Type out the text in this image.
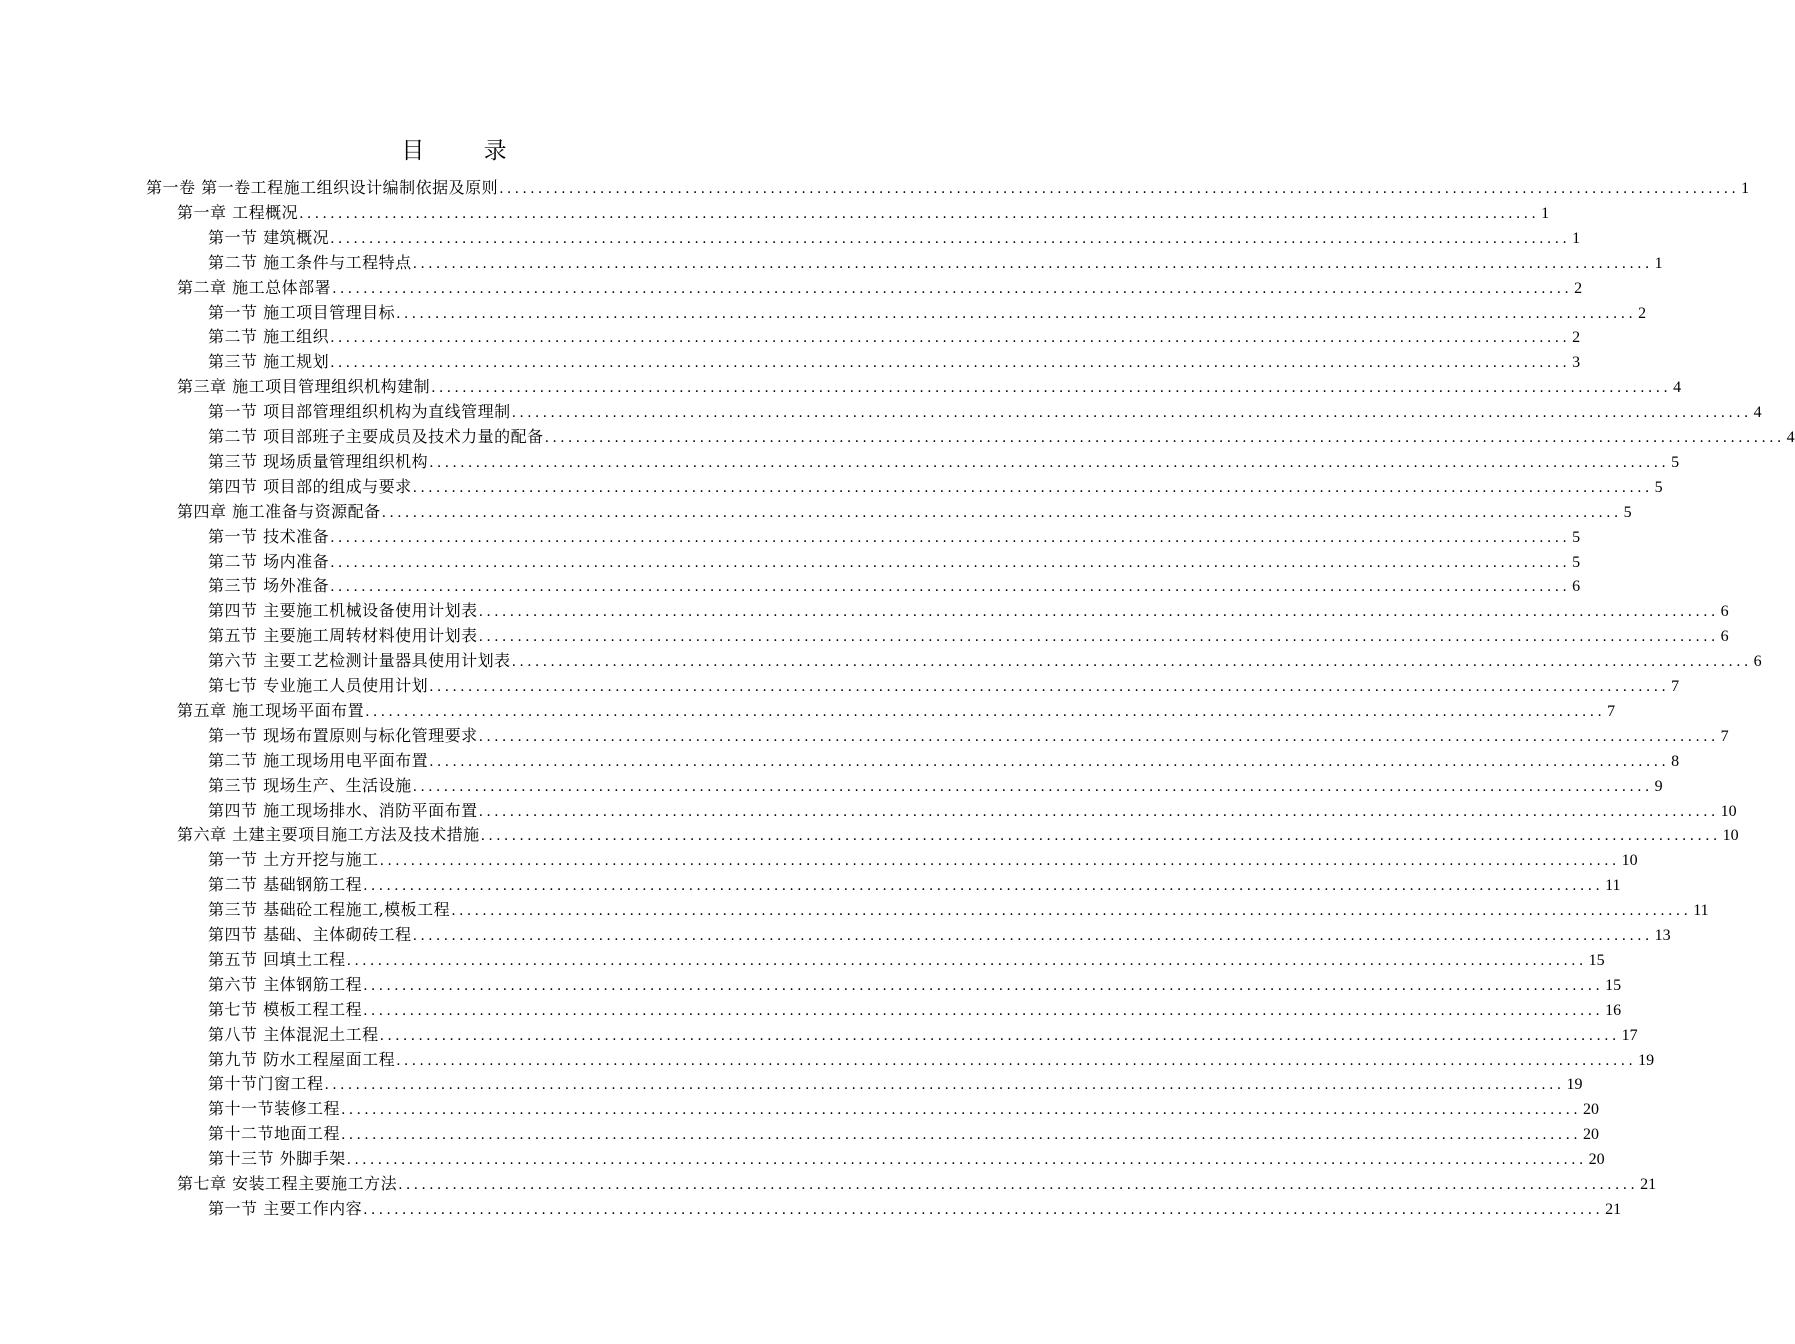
目 录
第一卷 第一卷工程施工组织设计编制依据及原则 ................................................................................................................................................................ 1
第一章 工程概况 ................................................................................................................................................................ 1
第一节 建筑概况 ................................................................................................................................................................ 1
第二节 施工条件与工程特点 ................................................................................................................................................................ 1
第二章 施工总体部署 ................................................................................................................................................................ 2
第一节 施工项目管理目标 ................................................................................................................................................................ 2
第二节 施工组织 ................................................................................................................................................................ 2
第三节 施工规划 ................................................................................................................................................................ 3
第三章 施工项目管理组织机构建制 ................................................................................................................................................................ 4
第一节 项目部管理组织机构为直线管理制 ................................................................................................................................................................ 4
第二节 项目部班子主要成员及技术力量的配备 ................................................................................................................................................................ 4
第三节 现场质量管理组织机构 ................................................................................................................................................................ 5
第四节 项目部的组成与要求 ................................................................................................................................................................ 5
第四章 施工准备与资源配备 ................................................................................................................................................................ 5
第一节 技术准备 ................................................................................................................................................................ 5
第二节 场内准备 ................................................................................................................................................................ 5
第三节 场外准备 ................................................................................................................................................................ 6
第四节 主要施工机械设备使用计划表 ................................................................................................................................................................ 6
第五节 主要施工周转材料使用计划表 ................................................................................................................................................................ 6
第六节 主要工艺检测计量器具使用计划表 ................................................................................................................................................................ 6
第七节 专业施工人员使用计划 ................................................................................................................................................................ 7
第五章 施工现场平面布置 ................................................................................................................................................................ 7
第一节 现场布置原则与标化管理要求 ................................................................................................................................................................ 7
第二节 施工现场用电平面布置 ................................................................................................................................................................ 8
第三节 现场生产、生活设施 ................................................................................................................................................................ 9
第四节 施工现场排水、消防平面布置 ................................................................................................................................................................ 10
第六章 土建主要项目施工方法及技术措施 ................................................................................................................................................................ 10
第一节 土方开挖与施工 ................................................................................................................................................................ 10
第二节 基础钢筋工程 ................................................................................................................................................................ 11
第三节 基础砼工程施工,模板工程 ................................................................................................................................................................ 11
第四节 基础、主体砌砖工程 ................................................................................................................................................................ 13
第五节 回填土工程 ................................................................................................................................................................ 15
第六节 主体钢筋工程 ................................................................................................................................................................ 15
第七节 模板工程工程 ................................................................................................................................................................ 16
第八节 主体混泥土工程 ................................................................................................................................................................ 17
第九节 防水工程屋面工程 ................................................................................................................................................................ 19
第十节门窗工程 ................................................................................................................................................................ 19
第十一节装修工程 ................................................................................................................................................................ 20
第十二节地面工程 ................................................................................................................................................................ 20
第十三节 外脚手架 ................................................................................................................................................................ 20
第七章 安装工程主要施工方法 ................................................................................................................................................................ 21
第一节 主要工作内容 ................................................................................................................................................................ 21
